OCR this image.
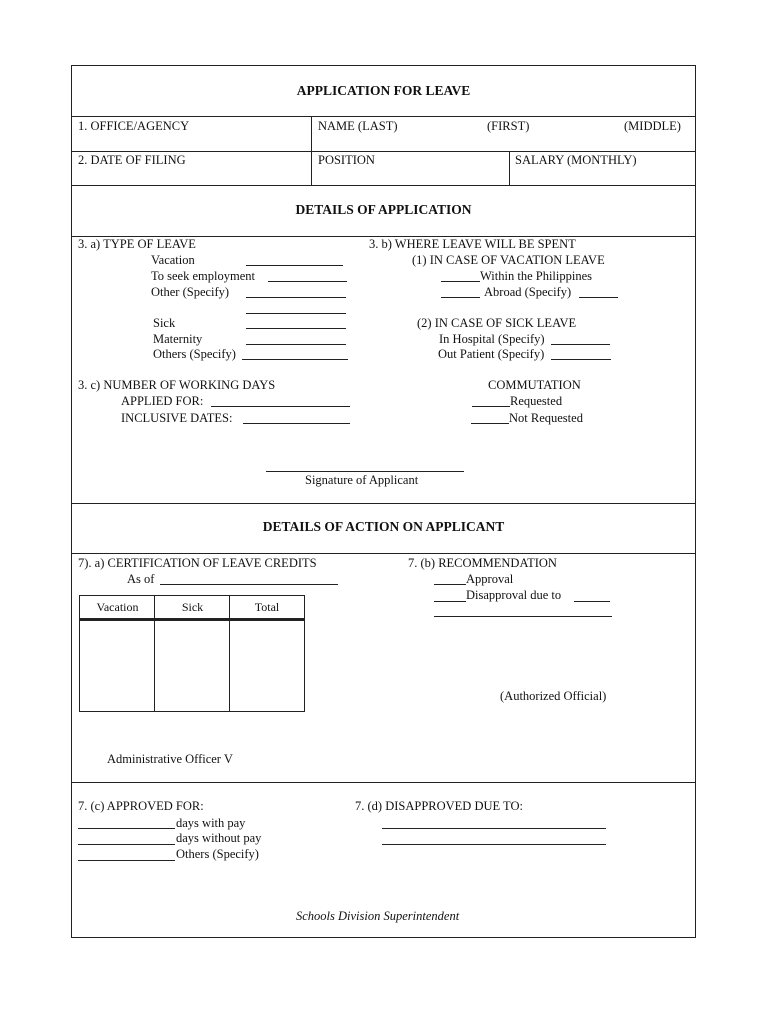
APPLICATION FOR LEAVE
1. OFFICE/AGENCY	NAME (LAST)	(FIRST)	(MIDDLE)
2. DATE OF FILING	POSITION	SALARY (MONTHLY)
DETAILS OF APPLICATION
3. a) TYPE OF LEAVE
Vacation
To seek employment
Other (Specify)
Sick
Maternity
Others (Specify)
3. b) WHERE LEAVE WILL BE SPENT
(1) IN CASE OF VACATION LEAVE
Within the Philippines
Abroad (Specify)
(2) IN CASE OF SICK LEAVE
In Hospital (Specify)
Out Patient (Specify)
3. c) NUMBER OF WORKING DAYS
APPLIED FOR:
INCLUSIVE DATES:
COMMUTATION
Requested
Not Requested
Signature of Applicant
DETAILS OF ACTION ON APPLICANT
7). a) CERTIFICATION OF LEAVE CREDITS
As of
Vacation	Sick	Total
Administrative Officer V
7. (b) RECOMMENDATION
Approval
Disapproval due to
(Authorized Official)
7. (c) APPROVED FOR:
days with pay
days without pay
Others (Specify)
7. (d) DISAPPROVED DUE TO:
Schools Division Superintendent
